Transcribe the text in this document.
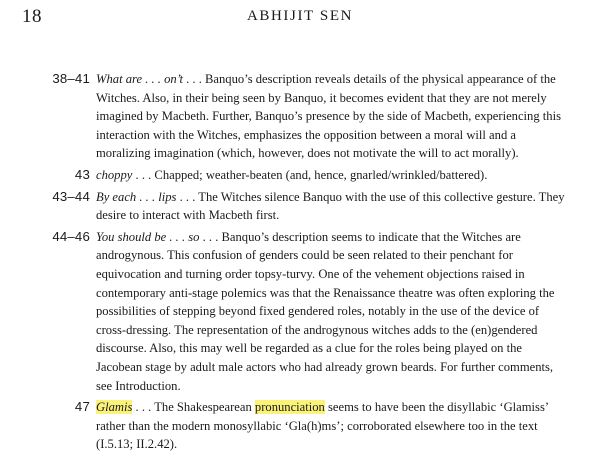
18	ABHIJIT SEN
38–41 What are . . . on’t . . . Banquo’s description reveals details of the physical appearance of the Witches. Also, in their being seen by Banquo, it becomes evident that they are not merely imagined by Macbeth. Further, Banquo’s presence by the side of Macbeth, experiencing this interaction with the Witches, emphasizes the opposition between a moral will and a moralizing imagination (which, however, does not motivate the will to act morally).
43 choppy . . . Chapped; weather-beaten (and, hence, gnarled/wrinkled/battered).
43–44 By each . . . lips . . . The Witches silence Banquo with the use of this collective gesture. They desire to interact with Macbeth first.
44–46 You should be . . . so . . . Banquo’s description seems to indicate that the Witches are androgynous. This confusion of genders could be seen related to their penchant for equivocation and turning order topsy-turvy. One of the vehement objections raised in contemporary anti-stage polemics was that the Renaissance theatre was often exploring the possibilities of stepping beyond fixed gendered roles, notably in the use of the device of cross-dressing. The representation of the androgynous witches adds to the (en)gendered discourse. Also, this may well be regarded as a clue for the roles being played on the Jacobean stage by adult male actors who had already grown beards. For further comments, see Introduction.
47 Glamis . . . The Shakespearean pronunciation seems to have been the disyllabic ‘Glamiss’ rather than the modern monosyllabic ‘Gla(h)ms’; corroborated elsewhere too in the text (I.5.13; II.2.42).
